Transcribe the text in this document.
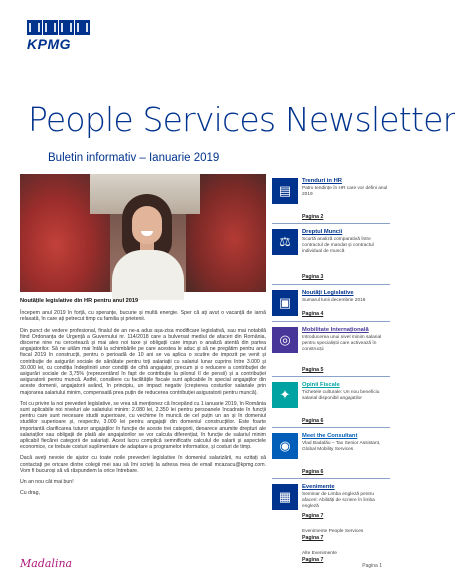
KPMG
People Services Newsletter
Buletin informativ – Ianuarie 2019
Noutățile legislative din HR pentru anul 2019

Începem anul 2019 în forță, cu speranțe, bucurie și multă energie. Sper că ați avut o vacanță de iarnă relaxată, în care ați petrecut timp cu familia și prietenii.

Din punct de vedere profesional, finalul de an ne-a adus așa-zisa modificare legislativă, sau mai notabilă fiind Ordonanța de Urgență a Guvernului nr. 114/2018 care a bulversat mediul de afaceri din România, discerne nine nu cercetează și mai ales noi taxe și obligații care impun o analiză atentă din partea angajatorilor. Să ne uităm mai întâi la schimbările pe care acestea le aduc și să ne pregătim pentru anul fiscal 2019 în construcții, pentru o perioadă de 10 ani se va aplica o scutire de impozit pe venit și contribuție de asigurări sociale de sănătate pentru toți salariații cu salariul lunar cuprins între 3.000 și 30.000 lei, cu condiția îndeplinirii unor condiții de cifră angajator, precum și o reducere a contribuției de asigurări sociale de 3,75% (reprezentând în fapt de contribuție la pilonul II de pensii) și a contribuției asiguratorii pentru muncă. Astfel, consiliere cu facilitățile fiscale sunt aplicabile în special angajaților din aceste domenii, angajatorii având, în principiu, un impact negativ (creșterea costurilor salariale prin majorarea salariului minim, compensată prea puțin de reducerea contribuției asiguratorii pentru muncă).

Tot cu privire la noi prevederi legislative, se vrea să menționez că începând cu 1 ianuarie 2019, în România sunt aplicabile noi niveluri ale salariului minim: 2.080 lei, 2.350 lei pentru persoanele încadrate în funcții pentru care sunt necesare studii superioare, cu vechime în muncă de cel puțin un an și în domeniul studiilor superioare și, respectiv, 3.000 lei pentru angajații din domeniul construcțiilor. Este foarte importantă clarificarea tuturor angajaților în funcție de aceste trei categorii, deoarece anumite drepturi ale salariaților sau obligații de plată ale angajatorilor se vor calcula diferențiat, în funcție de salariul minim aplicabil fiecărei categorii de salariați. Acest lucru complică semnificativ calculul de salarii și aspectele economice, ce trebuie costuri suplimentare de adaptare a programelor informatice, și costuri de timp.

Dacă aveți nevoie de ajutor cu toate noile prevederi legislative în domeniul salarizării, nu ezitați să contactați pe oricare dintre colegii mei sau să îmi scrieți la adresa mea de email mcazacu@kpmg.com. Vom fi bucuroși să vă răspundem la orice întrebare.

Un an nou cât mai bun!

Cu drag,

Madalina
▤
Trenduri in HR
Patru tendințe în HR care vor defini anul 2019
Pagina 2
⚖
Dreptul Muncii
Scurtă analiză comparativă între contractul de mandat și contractul individual de muncă
Pagina 3
▣
Noutăți Legislative
Sumarul lunii decembrie 2018
Pagina 4
◎
Mobilitate Internațională
Introducerea unui nivel minim salarial pentru specialiștii care activează în construcții
Pagina 5
✦
Opinii Fiscale
Tichetele culturale: Un nou beneficiu salarial disponibil angajatilor
Pagina 6
◉
Meet the Consultant
Vlad Badalău – Tax Senior Assistant, Global Mobility Services
Pagina 6
▦
Evenimente
Seminar de Limba engleză pentru afaceri: Abilități de scriere în limba engleză
Pagina 7
Evenimente People Services
Pagina 7
Alte Evenimente
Pagina 7
Pagina 1
